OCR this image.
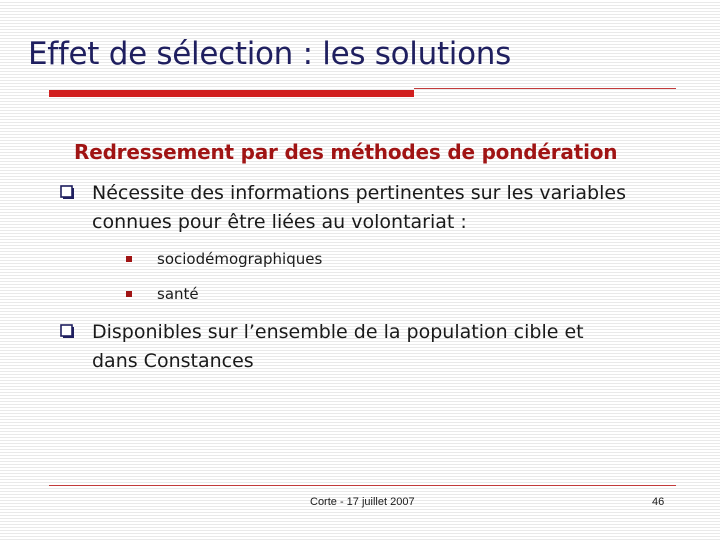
Effet de sélection : les solutions
Redressement par des méthodes de pondération
Nécessite des informations pertinentes sur les variables connues pour être liées au volontariat :
sociodémographiques
santé
Disponibles sur l’ensemble de la population cible et dans Constances
Corte - 17 juillet 2007	46
